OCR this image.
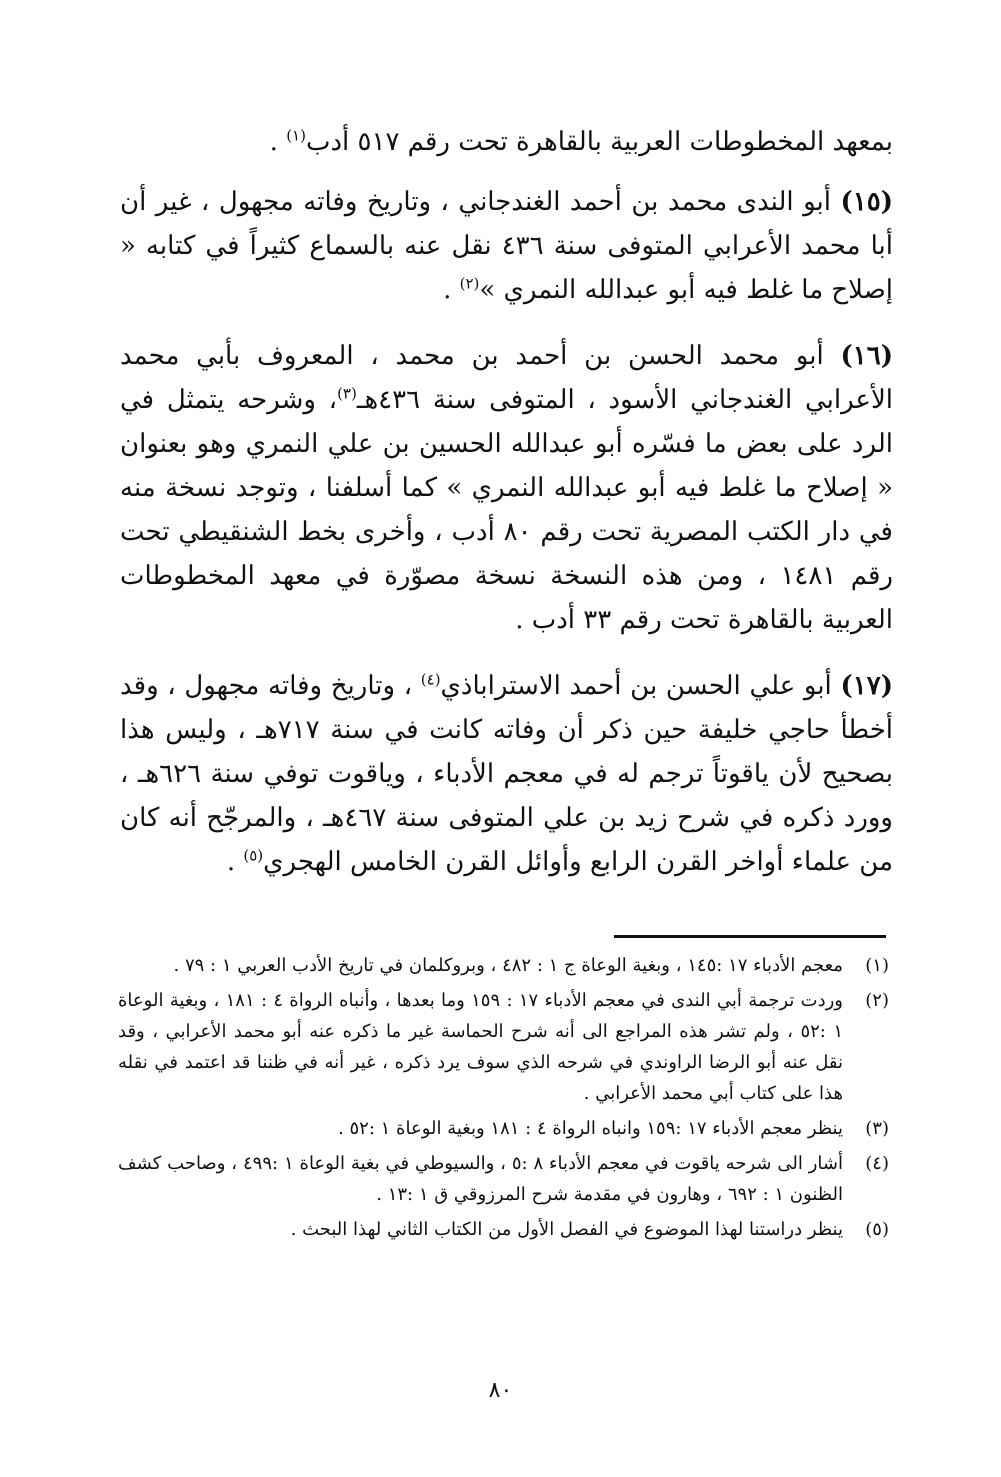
بمعهد المخطوطات العربية بالقاهرة تحت رقم ٥١٧ أدب$^{(١)}$ .

(١٥) أبو الندى محمد بن أحمد الغندجاني ، وتاريخ وفاته مجهول ، غير أن أبا محمد الأعرابي المتوفى سنة ٤٣٦ نقل عنه بالسماع كثيراً في كتابه « إصلاح ما غلط فيه أبو عبدالله النمري »$^{(٢)}$ .

(١٦) أبو محمد الحسن بن أحمد بن محمد ، المعروف بأبي محمد الأعرابي الغندجاني الأسود ، المتوفى سنة ٤٣٦هـ$^{(٣)}$، وشرحه يتمثل في الرد على بعض ما فسّره أبو عبدالله الحسين بن علي النمري وهو بعنوان « إصلاح ما غلط فيه أبو عبدالله النمري » كما أسلفنا ، وتوجد نسخة منه في دار الكتب المصرية تحت رقم ٨٠ أدب ، وأخرى بخط الشنقيطي تحت رقم ١٤٨١ ، ومن هذه النسخة نسخة مصوّرة في معهد المخطوطات العربية بالقاهرة تحت رقم ٣٣ أدب .

(١٧) أبو علي الحسن بن أحمد الاستراباذي$^{(٤)}$ ، وتاريخ وفاته مجهول ، وقد أخطأ حاجي خليفة حين ذكر أن وفاته كانت في سنة ٧١٧هـ ، وليس هذا بصحيح لأن ياقوتاً ترجم له في معجم الأدباء ، وياقوت توفي سنة ٦٢٦هـ ، وورد ذكره في شرح زيد بن علي المتوفى سنة ٤٦٧هـ ، والمرجّح أنه كان من علماء أواخر القرن الرابع وأوائل القرن الخامس الهجري$^{(٥)}$ .

(١)
معجم الأدباء ١٧ :١٤٥ ، وبغية الوعاة ج ١ : ٤٨٢ ، وبروكلمان في تاريخ الأدب العربي ١ : ٧٩ .
(٢)
وردت ترجمة أبي الندى في معجم الأدباء ١٧ : ١٥٩ وما بعدها ، وأنباه الرواة ٤ : ١٨١ ، وبغية الوعاة ١ :٥٢ ، ولم تشر هذه المراجع الى أنه شرح الحماسة غير ما ذكره عنه أبو محمد الأعرابي ، وقد نقل عنه أبو الرضا الراوندي في شرحه الذي سوف يرد ذكره ، غير أنه في ظننا قد اعتمد في نقله هذا على كتاب أبي محمد الأعرابي .
(٣)
ينظر معجم الأدباء ١٧ :١٥٩ وانباه الرواة ٤ : ١٨١ وبغية الوعاة ١ :٥٢ .
(٤)
أشار الى شرحه ياقوت في معجم الأدباء ٨ :٥ ، والسيوطي في بغية الوعاة ١ :٤٩٩ ، وصاحب كشف الظنون ١ : ٦٩٢ ، وهارون في مقدمة شرح المرزوقي ق ١ :١٣ .
(٥)
ينظر دراستنا لهذا الموضوع في الفصل الأول من الكتاب الثاني لهذا البحث .
٨٠
